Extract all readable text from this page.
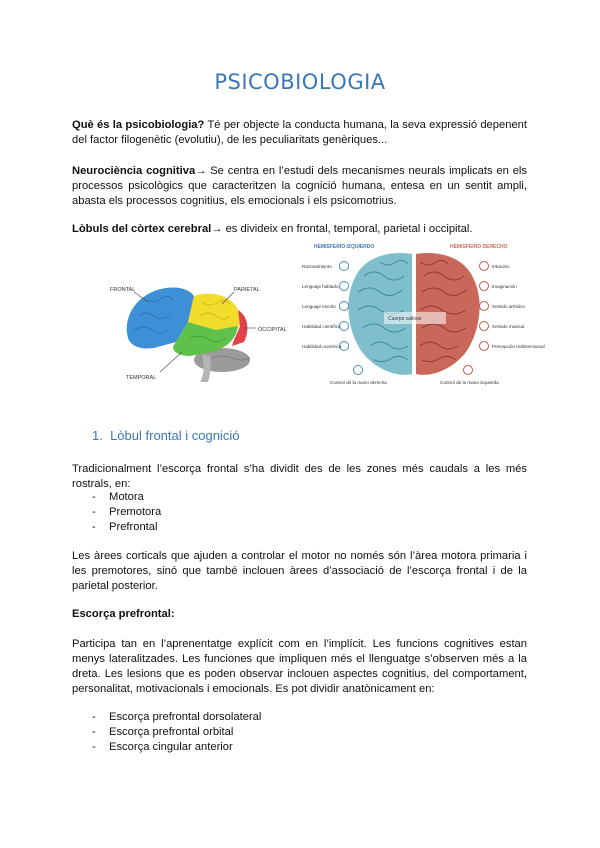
PSICOBIOLOGIA
Què és la psicobiologia? Té per objecte la conducta humana, la seva expressió depenent del factor filogenètic (evolutiu), de les peculiaritats genèriques...
Neurociència cognitiva→ Se centra en l’estudi dels mecanismes neurals implicats en els processos psicològics que caracteritzen la cognició humana, entesa en un sentit ampli, abasta els processos cognitius, els emocionals i els psicomotrius.
Lòbuls del còrtex cerebral→ es divideix en frontal, temporal, parietal i occipital.
FRONTAL	PARIETAL
OCCIPITAL
TEMPORAL
HEMISFERIO IZQUIERDO	HEMISFERIO DERECHO
Cuerpo calloso
Razonamiento
Lenguaje hablado
Lenguaje escrito
Habilidad científica
Habilidad numérica
Control de la mano derecha
Intuición
Imaginación
Sentido artístico
Sentido musical
Percepción tridimensional
Control de la mano izquierda
1. Lòbul frontal i cognició
Tradicionalment l’escorça frontal s’ha dividit des de les zones més caudals a les més rostrals, en:
- Motora
- Premotora
- Prefrontal
Les àrees corticals que ajuden a controlar el motor no només són l’àrea motora primaria i les premotores, sinó que també inclouen àrees d’associació de l’escorça frontal i de la parietal posterior.
Escorça prefrontal:
Participa tan en l’aprenentatge explícit com en l’implícit. Les funcions cognitives estan menys lateralitzades. Les funciones que impliquen més el llenguatge s’observen més a la dreta. Les lesions que es poden observar inclouen aspectes cognitius, del comportament, personalitat, motivacionals i emocionals. Es pot dividir anatònicament en:
- Escorça prefrontal dorsolateral
- Escorça prefrontal orbital
- Escorça cingular anterior
